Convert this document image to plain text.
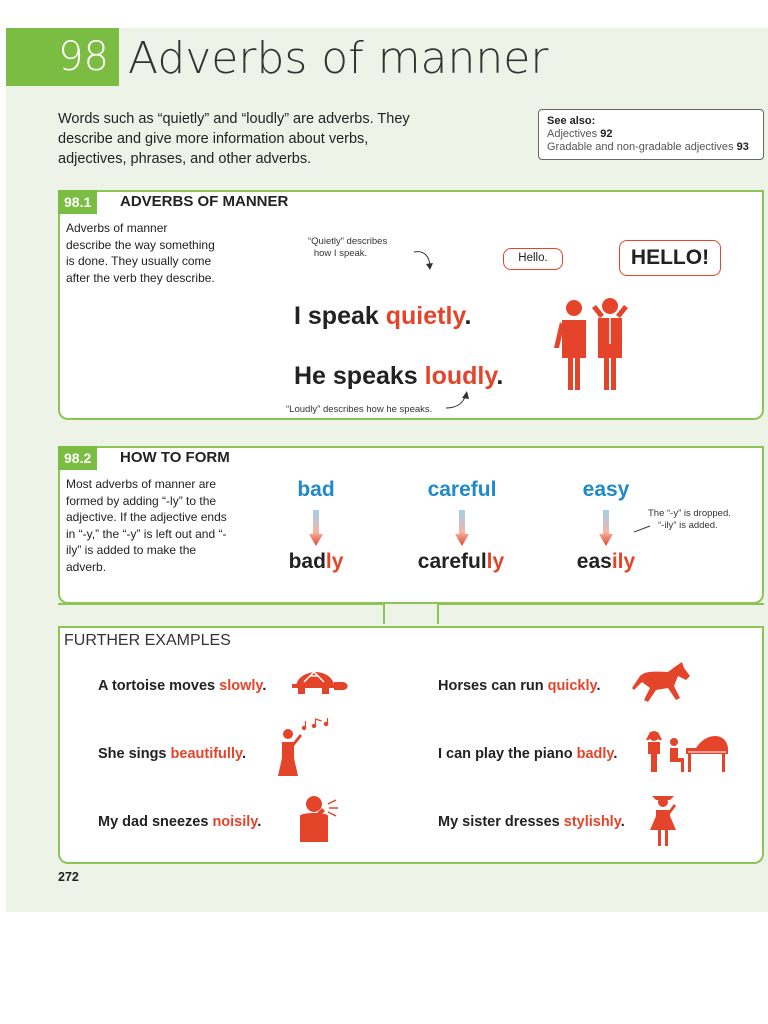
98 Adverbs of manner
Words such as “quietly” and “loudly” are adverbs. They describe and give more information about verbs, adjectives, phrases, and other adverbs.
See also:
Adjectives 92
Gradable and non-gradable adjectives 93
98.1	ADVERBS OF MANNER
Adverbs of manner describe the way something is done. They usually come after the verb they describe.
“Quietly” describes
how I speak.
I speak quietly.
He speaks loudly.
“Loudly” describes how he speaks.
Hello.	HELLO!
98.2	HOW TO FORM
Most adverbs of manner are formed by adding “-ly” to the adjective. If the adjective ends in “-y,” the “-y” is left out and “-ily” is added to make the adverb.
bad	careful	easy
badly	carefully	easily
The “-y” is dropped.
“-ily” is added.
FURTHER EXAMPLES
A tortoise moves slowly.	Horses can run quickly.
She sings beautifully.	I can play the piano badly.
My dad sneezes noisily.	My sister dresses stylishly.
272
